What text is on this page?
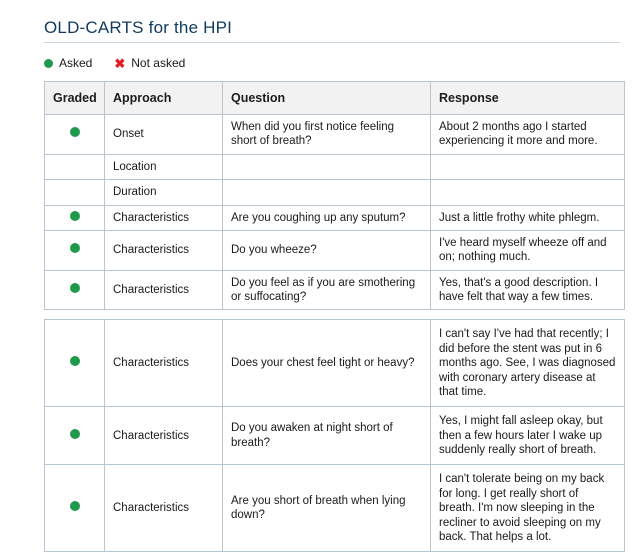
OLD-CARTS for the HPI
Asked ✖ Not asked
Graded	Approach	Question	Response
	Onset	When did you first notice feeling short of breath?	About 2 months ago I started experiencing it more and more.
	Location		
	Duration		
	Characteristics	Are you coughing up any sputum?	Just a little frothy white phlegm.
	Characteristics	Do you wheeze?	I've heard myself wheeze off and on; nothing much.
	Characteristics	Do you feel as if you are smothering or suffocating?	Yes, that's a good description. I have felt that way a few times.
	Characteristics	Does your chest feel tight or heavy?	I can't say I've had that recently; I did before the stent was put in 6 months ago. See, I was diagnosed with coronary artery disease at that time.
	Characteristics	Do you awaken at night short of breath?	Yes, I might fall asleep okay, but then a few hours later I wake up suddenly really short of breath.
	Characteristics	Are you short of breath when lying down?	I can't tolerate being on my back for long. I get really short of breath. I'm now sleeping in the recliner to avoid sleeping on my back. That helps a lot.
